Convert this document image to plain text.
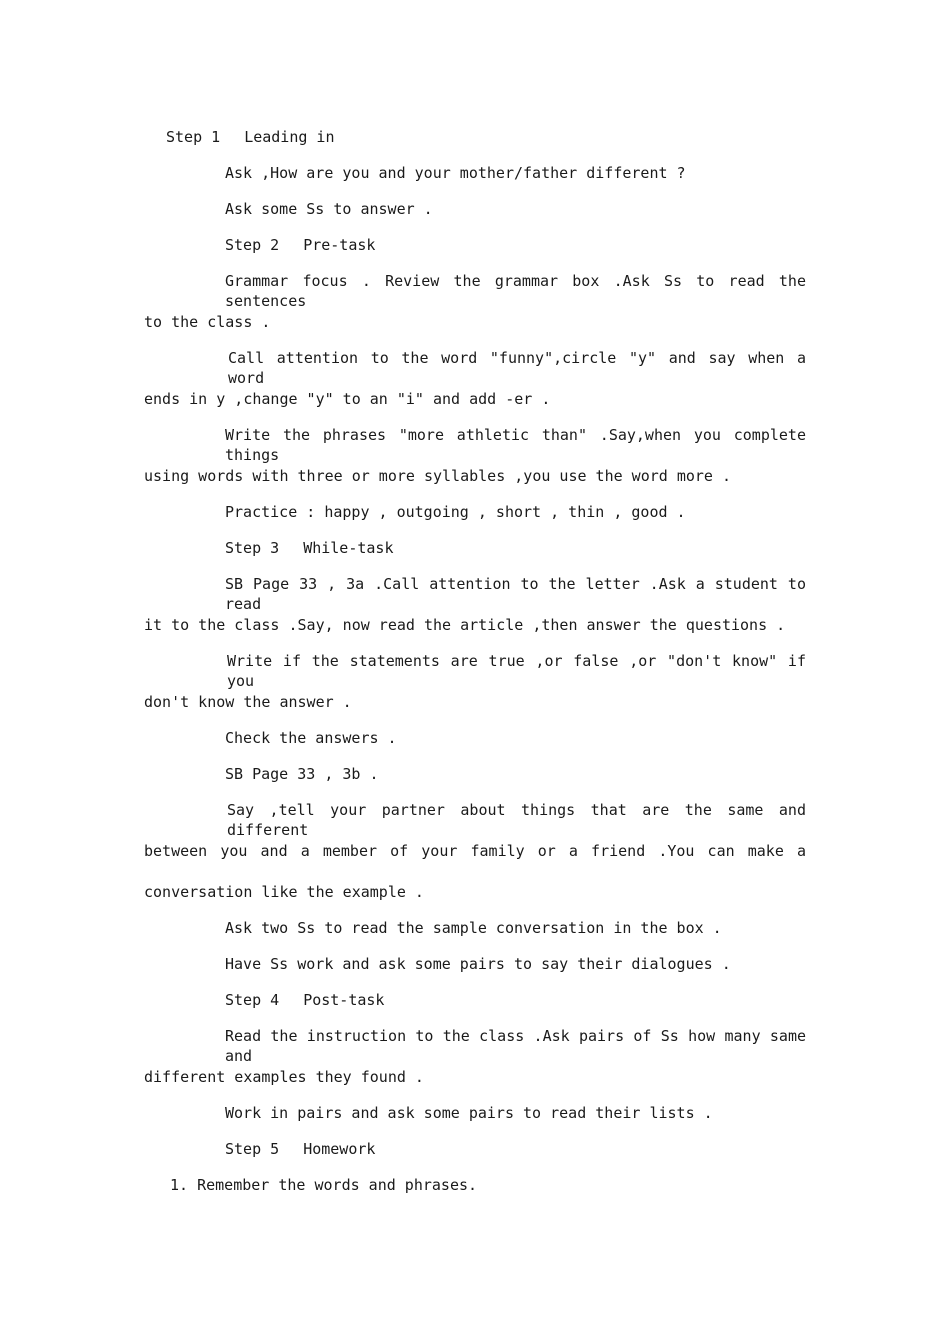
Step 1 Leading in
Ask ,How are you and your mother/father different ?
Ask some Ss to answer .
Step 2 Pre-task
Grammar focus . Review the grammar box .Ask Ss to read the sentences
to the class .
Call attention to the word "funny",circle "y" and say when a word
ends in y ,change "y" to an "i" and add -er .
Write the phrases "more athletic than" .Say,when you complete things
using words with three or more syllables ,you use the word more .
Practice : happy , outgoing , short , thin , good .
Step 3 While-task
SB Page 33 , 3a .Call attention to the letter .Ask a student to read
it to the class .Say, now read the article ,then answer the questions .
Write if the statements are true ,or false ,or "don't know" if you
don't know the answer .
Check the answers .
SB Page 33 , 3b .
Say ,tell your partner about things that are the same and different
between you and a member of your family or a friend .You can make a
conversation like the example .
Ask two Ss to read the sample conversation in the box .
Have Ss work and ask some pairs to say their dialogues .
Step 4 Post-task
Read the instruction to the class .Ask pairs of Ss how many same and
different examples they found .
Work in pairs and ask some pairs to read their lists .
Step 5 Homework
1. Remember the words and phrases.
